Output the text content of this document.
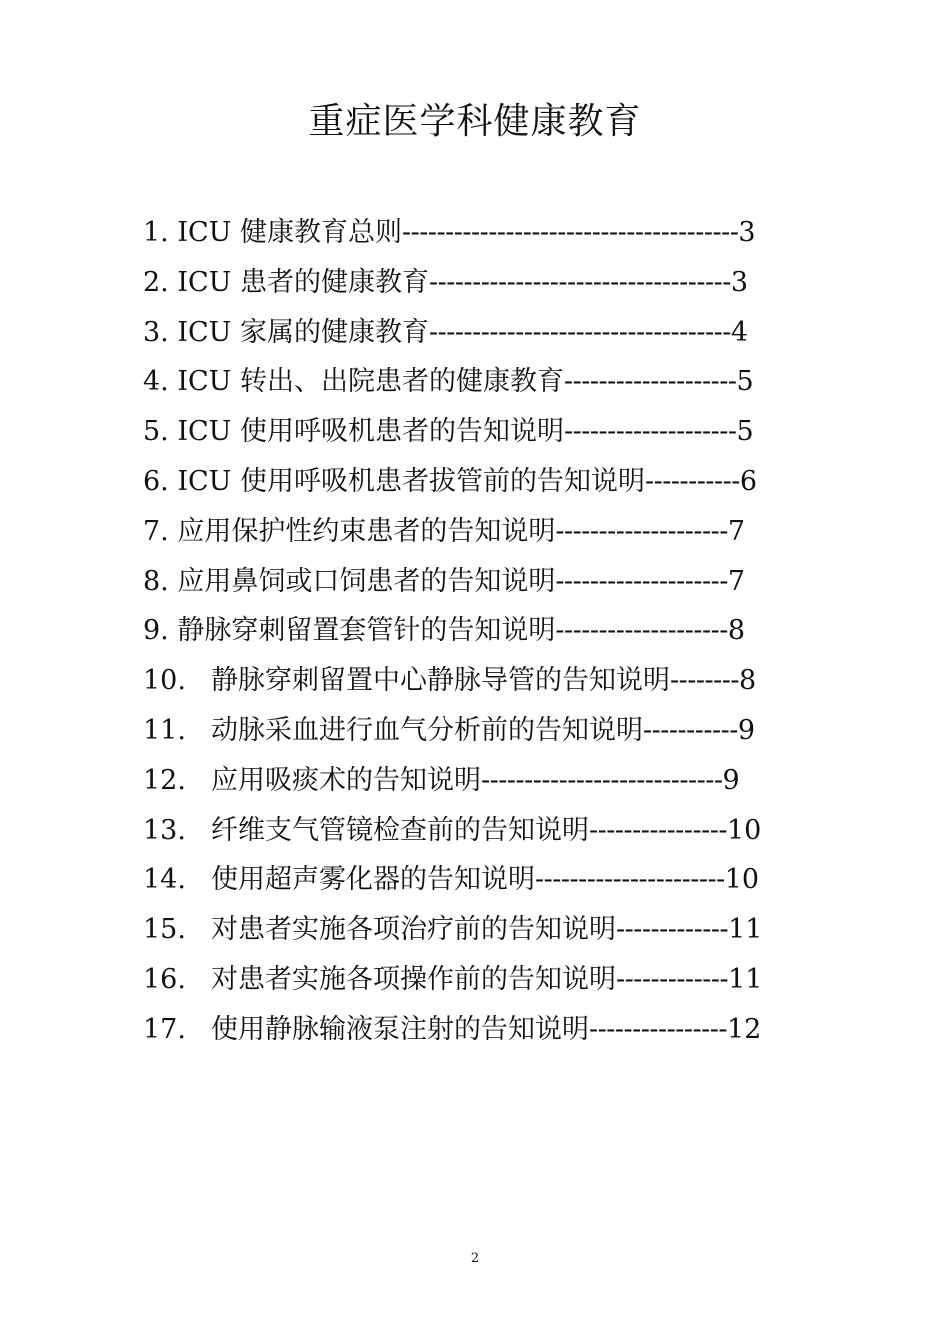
重症医学科健康教育
1. ICU 健康教育总则---------------------------------------3
2. ICU 患者的健康教育-----------------------------------3
3. ICU 家属的健康教育-----------------------------------4
4. ICU 转出、出院患者的健康教育--------------------5
5. ICU 使用呼吸机患者的告知说明--------------------5
6. ICU 使用呼吸机患者拔管前的告知说明-----------6
7. 应用保护性约束患者的告知说明--------------------7
8. 应用鼻饲或口饲患者的告知说明--------------------7
9. 静脉穿刺留置套管针的告知说明--------------------8
10. 静脉穿刺留置中心静脉导管的告知说明--------8
11. 动脉采血进行血气分析前的告知说明-----------9
12. 应用吸痰术的告知说明----------------------------9
13. 纤维支气管镜检查前的告知说明----------------10
14. 使用超声雾化器的告知说明----------------------10
15. 对患者实施各项治疗前的告知说明-------------11
16. 对患者实施各项操作前的告知说明-------------11
17. 使用静脉输液泵注射的告知说明----------------12
2
